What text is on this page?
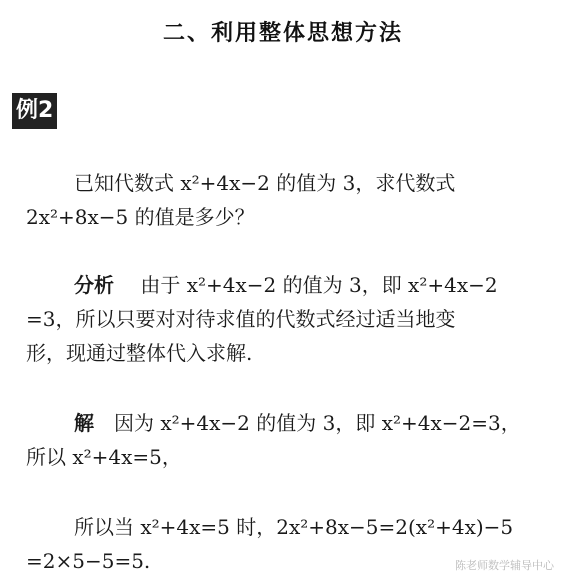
二、利用整体思想方法
例2
已知代数式 x²+4x−2 的值为 3，求代数式
2x²+8x−5 的值是多少？
分析　 由于 x²+4x−2 的值为 3，即 x²+4x−2
=3，所以只要对对待求值的代数式经过适当地变
形，现通过整体代入求解.
解　 因为 x²+4x−2 的值为 3，即 x²+4x−2=3，
所以 x²+4x=5，
所以当 x²+4x=5 时，2x²+8x−5=2(x²+4x)−5
=2×5−5=5.	陈老师数学辅导中心
